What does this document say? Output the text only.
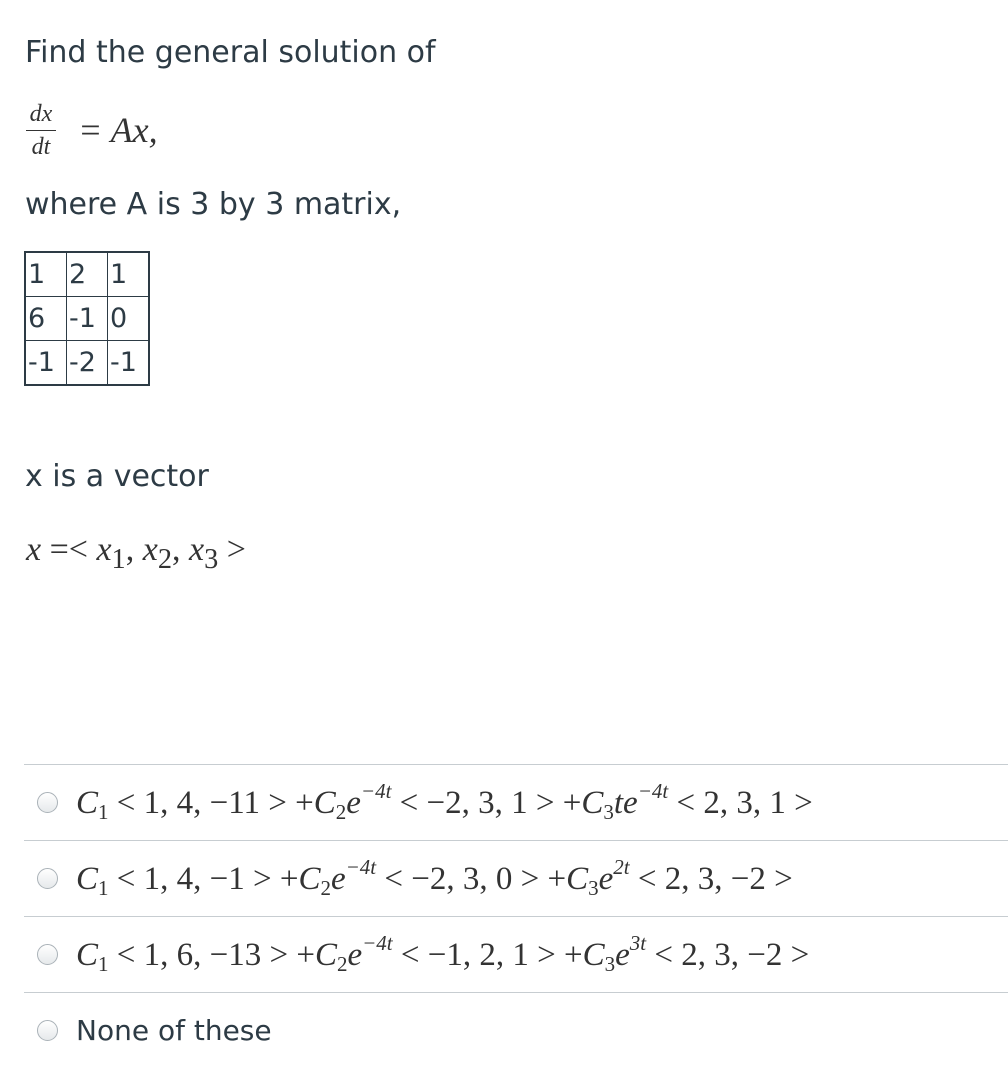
Find the general solution of
$\frac{dx}{dt} = Ax$,
where A is 3 by 3 matrix,
1	2	1
6	-1	0
-1	-2	-1
x is a vector
$x =< x_1$, $x_2$, $x_3$ >
$C_1 < 1$, 4, $-11 > +C_2e^{-4t} < -2$, 3, $1 > +C_3te^{-4t} < 2$, 3, 1 >
$C_1 < 1$, 4, $-1 > +C_2e^{-4t} < -2$, 3, $0 > +C_3e^{2t} < 2$, 3, −2 >
$C_1 < 1$, 6, $-13 > +C_2e^{-4t} < -1$, 2, $1 > +C_3e^{3t} < 2$, 3, −2 >
None of these
